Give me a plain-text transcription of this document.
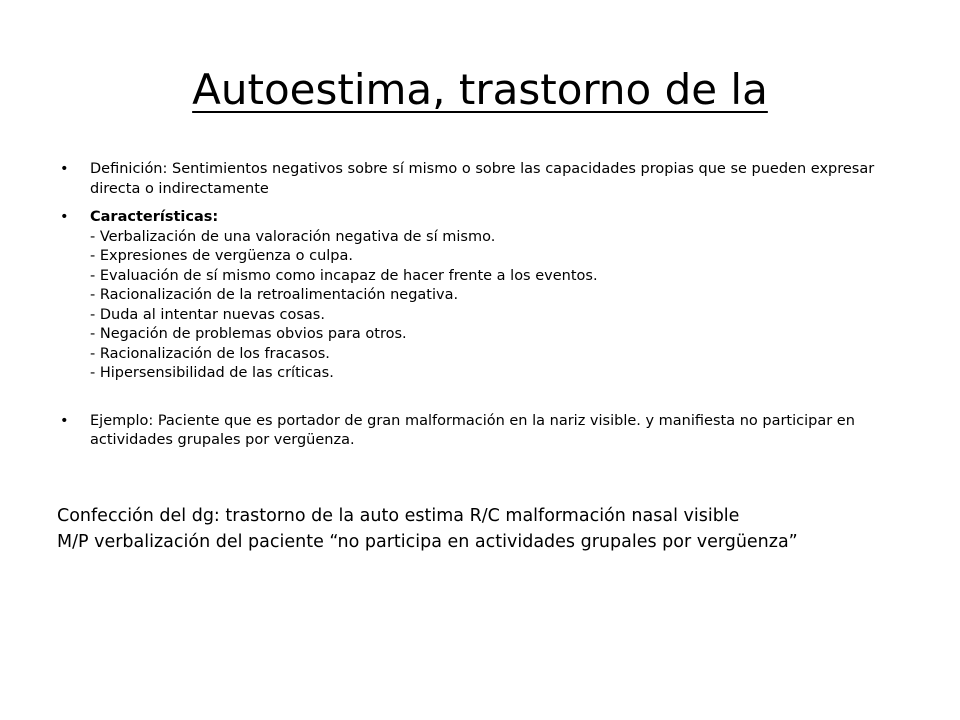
Autoestima, trastorno de la
•	Definición: Sentimientos negativos sobre sí mismo o sobre las capacidades propias que se pueden expresar directa o indirectamente
•	Características:
- Verbalización de una valoración negativa de sí mismo.
- Expresiones de vergüenza o culpa.
- Evaluación de sí mismo como incapaz de hacer frente a los eventos.
- Racionalización de la retroalimentación negativa.
- Duda al intentar nuevas cosas.
- Negación de problemas obvios para otros.
- Racionalización de los fracasos.
- Hipersensibilidad de las críticas.
•	Ejemplo: Paciente que es portador de gran malformación en la nariz visible. y manifiesta no participar en actividades grupales por vergüenza.
Confección del dg: trastorno de la auto estima R/C malformación nasal visible
M/P verbalización del paciente “no participa en actividades grupales por vergüenza”
